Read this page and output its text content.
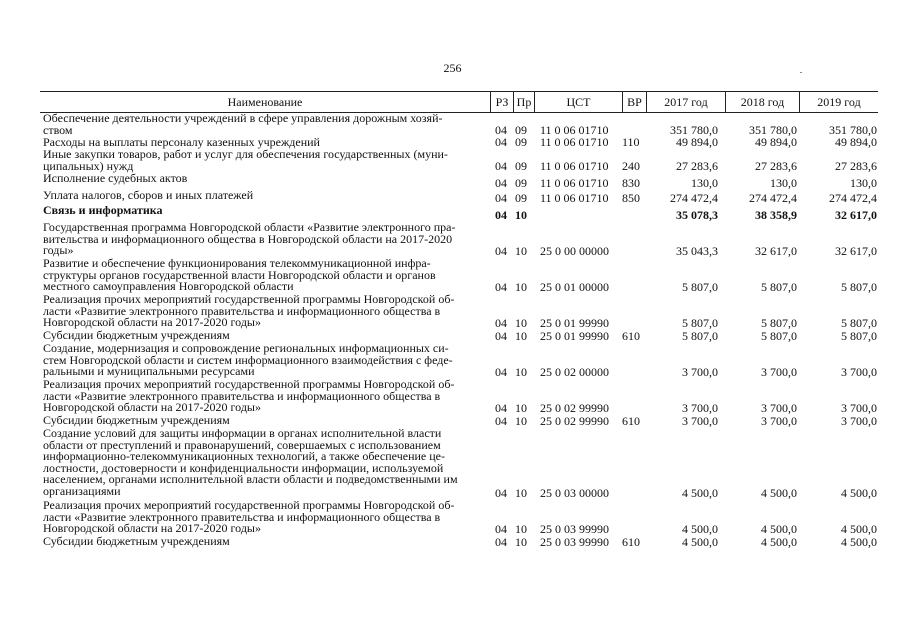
256
Наименование	РЗ Пр	ЦСТ	ВР	2017 год	2018 год	2019 год
Обеспечение деятельности учреждений в сфере управления дорожным хозяй-
ством	04 09 11 0 06 01710	351 780,0	351 780,0	351 780,0
Расходы на выплаты персоналу казенных учреждений	04 09 11 0 06 01710 110	49 894,0	49 894,0	49 894,0
Иные закупки товаров, работ и услуг для обеспечения государственных (муни-
ципальных) нужд	04 09 11 0 06 01710 240	27 283,6	27 283,6	27 283,6
Исполнение судебных актов	04 09 11 0 06 01710 830	130,0	130,0	130,0
Уплата налогов, сборов и иных платежей	04 09 11 0 06 01710 850	274 472,4	274 472,4	274 472,4
Связь и информатика	04 10	35 078,3	38 358,9	32 617,0
Государственная программа Новгородской области «Развитие электронного пра-
вительства и информационного общества в Новгородской области на 2017-2020
годы»	04 10 25 0 00 00000	35 043,3	32 617,0	32 617,0
Развитие и обеспечение функционирования телекоммуникационной инфра-
структуры органов государственной власти Новгородской области и органов
местного самоуправления Новгородской области	04 10 25 0 01 00000	5 807,0	5 807,0	5 807,0
Реализация прочих мероприятий государственной программы Новгородской об-
ласти «Развитие электронного правительства и информационного общества в
Новгородской области на 2017-2020 годы»	04 10 25 0 01 99990	5 807,0	5 807,0	5 807,0
Субсидии бюджетным учреждениям	04 10 25 0 01 99990 610	5 807,0	5 807,0	5 807,0
Создание, модернизация и сопровождение региональных информационных си-
стем Новгородской области и систем информационного взаимодействия с феде-
ральными и муниципальными ресурсами	04 10 25 0 02 00000	3 700,0	3 700,0	3 700,0
Реализация прочих мероприятий государственной программы Новгородской об-
ласти «Развитие электронного правительства и информационного общества в
Новгородской области на 2017-2020 годы»	04 10 25 0 02 99990	3 700,0	3 700,0	3 700,0
Субсидии бюджетным учреждениям	04 10 25 0 02 99990 610	3 700,0	3 700,0	3 700,0
Создание условий для защиты информации в органах исполнительной власти
области от преступлений и правонарушений, совершаемых с использованием
информационно-телекоммуникационных технологий, а также обеспечение це-
лостности, достоверности и конфиденциальности информации, используемой
населением, органами исполнительной власти области и подведомственными им
организациями	04 10 25 0 03 00000	4 500,0	4 500,0	4 500,0
Реализация прочих мероприятий государственной программы Новгородской об-
ласти «Развитие электронного правительства и информационного общества в
Новгородской области на 2017-2020 годы»	04 10 25 0 03 99990	4 500,0	4 500,0	4 500,0
Субсидии бюджетным учреждениям	04 10 25 0 03 99990 610	4 500,0	4 500,0	4 500,0
